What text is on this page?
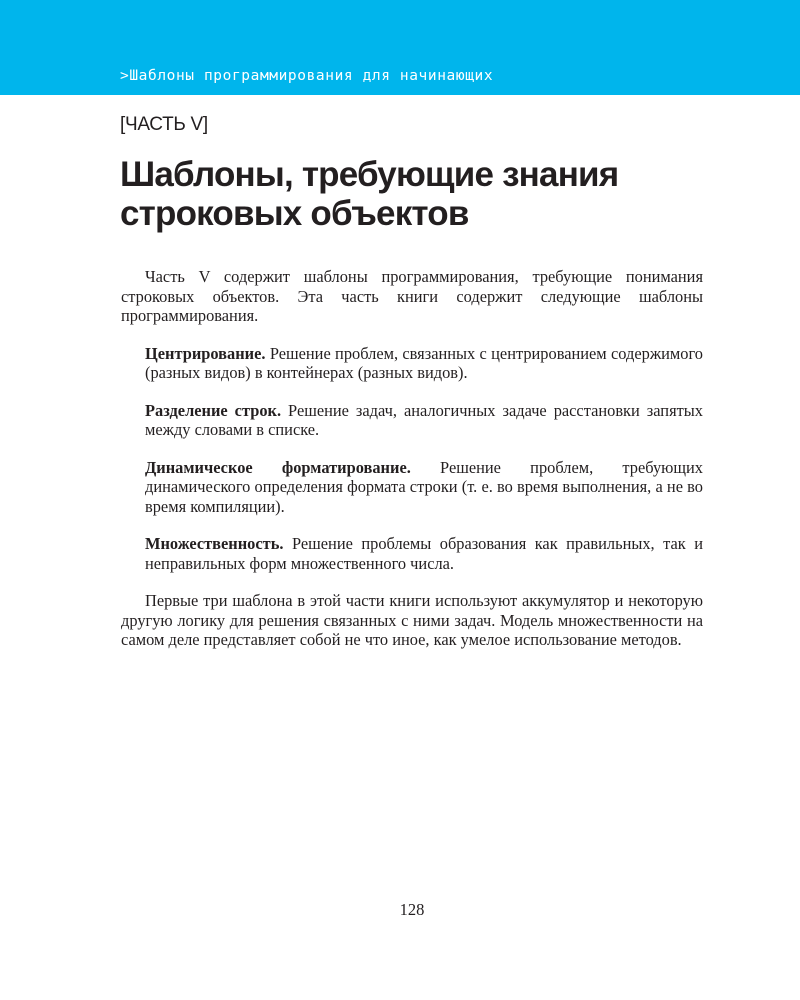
>Шаблоны программирования для начинающих
[ЧАСТЬ V]
Шаблоны, требующие знания
строковых объектов

Часть V содержит шаблоны программирования, требующие понимания строковых объектов. Эта часть книги содержит следующие шаблоны программирования.

Центрирование. Решение проблем, связанных с центрированием содержимого (разных видов) в контейнерах (разных видов).

Разделение строк. Решение задач, аналогичных задаче расстановки запятых между словами в списке.

Динамическое форматирование. Решение проблем, требующих динамического определения формата строки (т. е. во время выполнения, а не во время компиляции).

Множественность. Решение проблемы образования как правильных, так и неправильных форм множественного числа.

Первые три шаблона в этой части книги используют аккумулятор и некоторую другую логику для решения связанных с ними задач. Модель множественности на самом деле представляет собой не что иное, как умелое использование методов.

128
